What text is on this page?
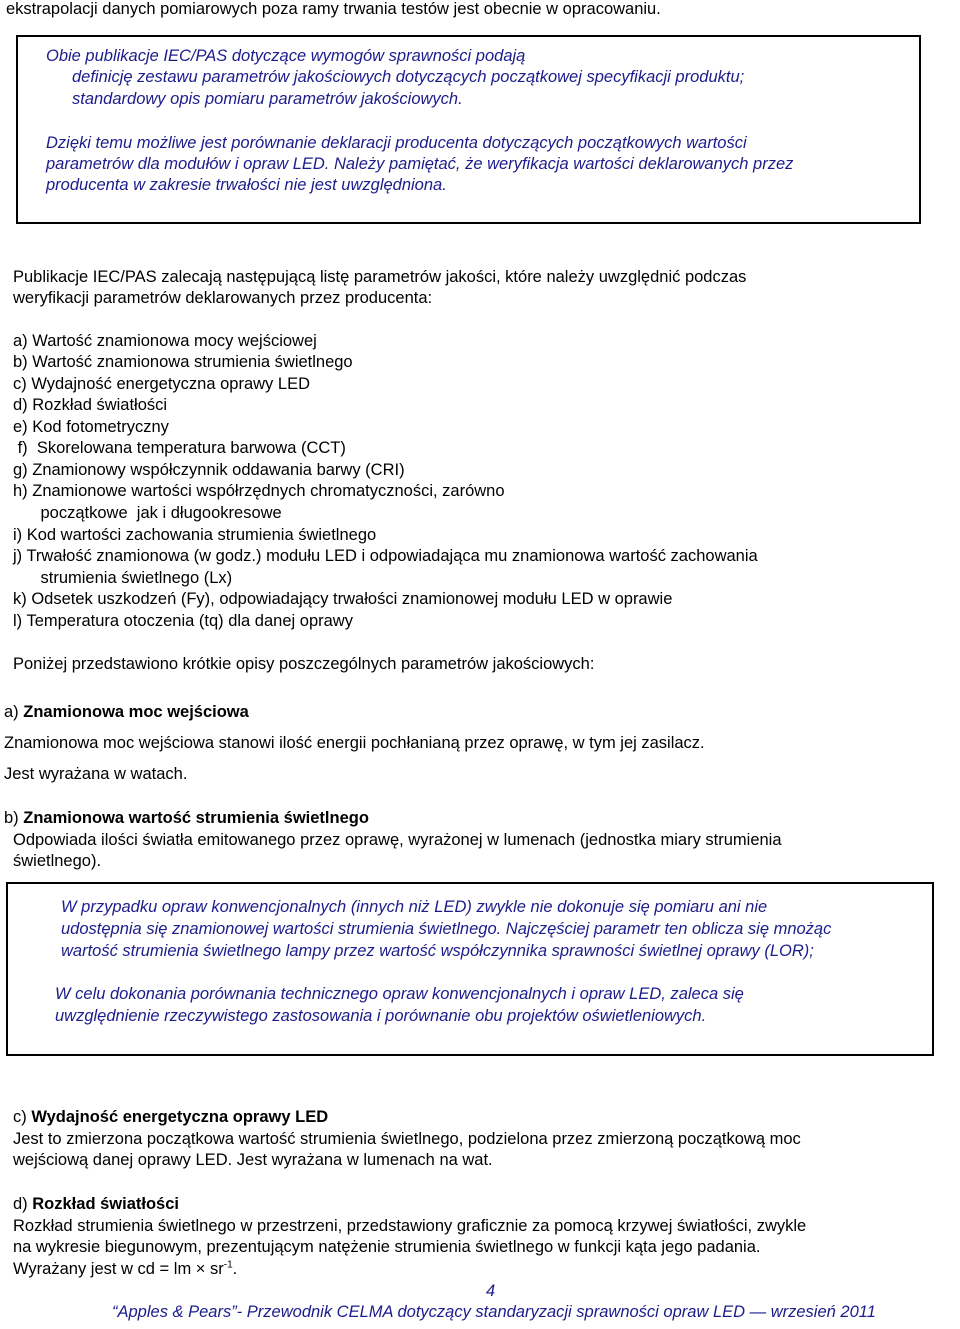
ekstrapolacji danych pomiarowych poza ramy trwania testów jest obecnie w opracowaniu.
Obie publikacje IEC/PAS dotyczące wymogów sprawności podają
definicję zestawu parametrów jakościowych dotyczących początkowej specyfikacji produktu;
standardowy opis pomiaru parametrów jakościowych.
Dzięki temu możliwe jest porównanie deklaracji producenta dotyczących początkowych wartości
parametrów dla modułów i opraw LED. Należy pamiętać, że weryfikacja wartości deklarowanych przez
producenta w zakresie trwałości nie jest uwzględniona.
Publikacje IEC/PAS zalecają następującą listę parametrów jakości, które należy uwzględnić podczas
weryfikacji parametrów deklarowanych przez producenta:
a) Wartość znamionowa mocy wejściowej
b) Wartość znamionowa strumienia świetlnego
c) Wydajność energetyczna oprawy LED
d) Rozkład światłości
e) Kod fotometryczny
f)  Skorelowana temperatura barwowa (CCT)
g) Znamionowy współczynnik oddawania barwy (CRI)
h) Znamionowe wartości współrzędnych chromatyczności, zarówno
początkowe  jak i długookresowe
i) Kod wartości zachowania strumienia świetlnego
j) Trwałość znamionowa (w godz.) modułu LED i odpowiadająca mu znamionowa wartość zachowania
strumienia świetlnego (Lx)
k) Odsetek uszkodzeń (Fy), odpowiadający trwałości znamionowej modułu LED w oprawie
l) Temperatura otoczenia (tq) dla danej oprawy
Poniżej przedstawiono krótkie opisy poszczególnych parametrów jakościowych:
a) Znamionowa moc wejściowa
Znamionowa moc wejściowa stanowi ilość energii pochłanianą przez oprawę, w tym jej zasilacz.
Jest wyrażana w watach.
b) Znamionowa wartość strumienia świetlnego
Odpowiada ilości światła emitowanego przez oprawę, wyrażonej w lumenach (jednostka miary strumienia
świetlnego).
W przypadku opraw konwencjonalnych (innych niż LED) zwykle nie dokonuje się pomiaru ani nie
udostępnia się znamionowej wartości strumienia świetlnego. Najczęściej parametr ten oblicza się mnożąc
wartość strumienia świetlnego lampy przez wartość współczynnika sprawności świetlnej oprawy (LOR);
W celu dokonania porównania technicznego opraw konwencjonalnych i opraw LED, zaleca się
uwzględnienie rzeczywistego zastosowania i porównanie obu projektów oświetleniowych.
c) Wydajność energetyczna oprawy LED
Jest to zmierzona początkowa wartość strumienia świetlnego, podzielona przez zmierzoną początkową moc
wejściową danej oprawy LED. Jest wyrażana w lumenach na wat.
d) Rozkład światłości
Rozkład strumienia świetlnego w przestrzeni, przedstawiony graficznie za pomocą krzywej światłości, zwykle
na wykresie biegunowym, prezentującym natężenie strumienia świetlnego w funkcji kąta jego padania.
Wyrażany jest w cd = lm × $sr^{-1}$.
4
“Apples & Pears”- Przewodnik CELMA dotyczący standaryzacji sprawności opraw LED — wrzesień 2011
